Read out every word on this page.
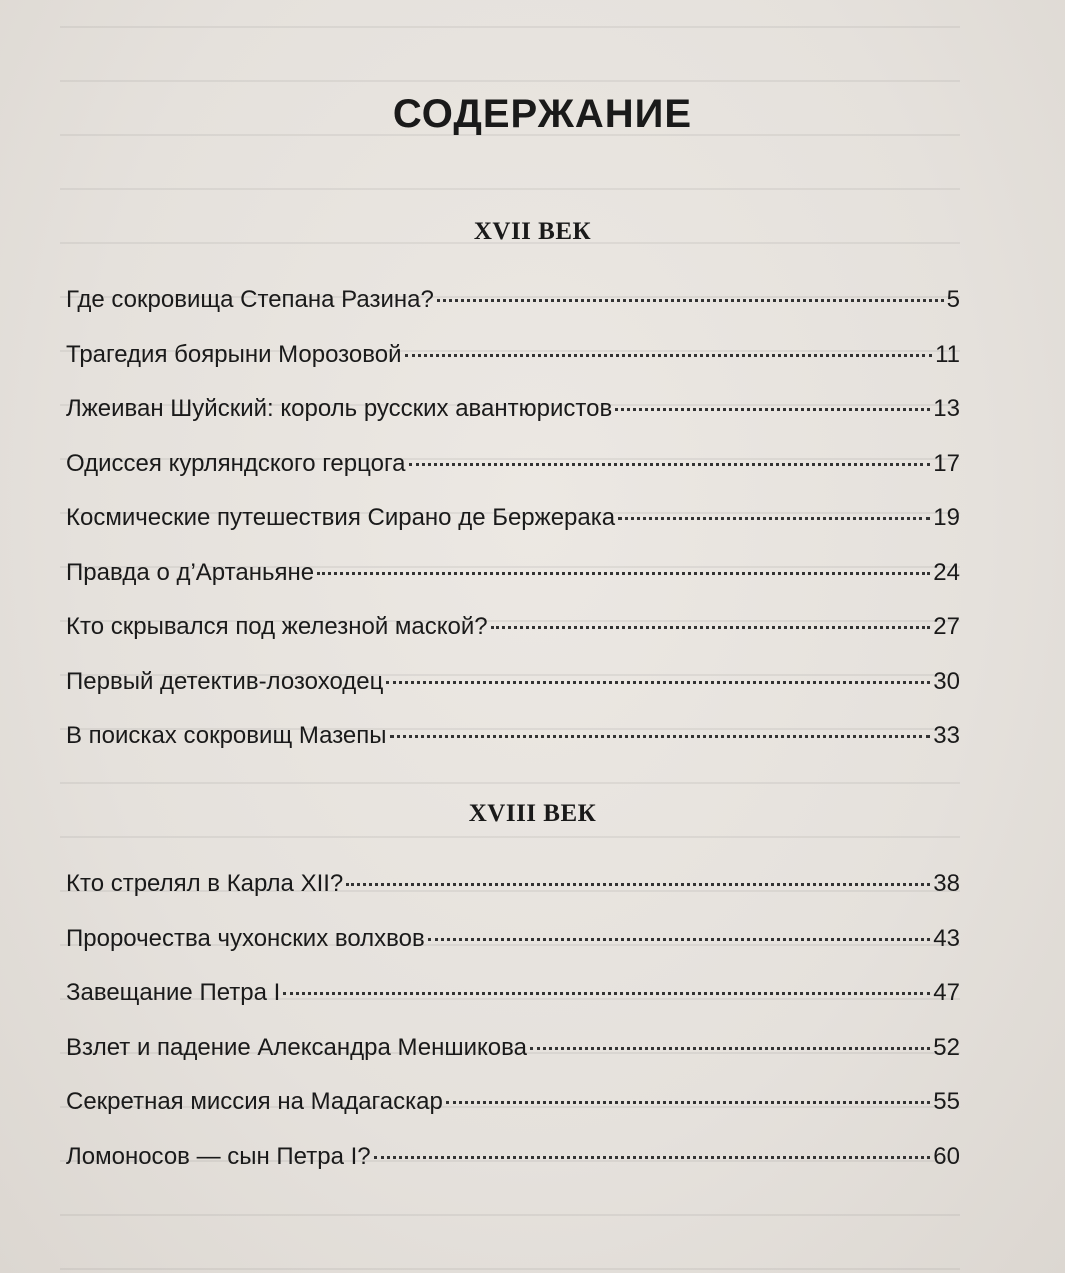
СОДЕРЖАНИЕ
XVII ВЕК
Где сокровища Степана Разина?	5
Трагедия боярыни Морозовой	11
Лжеиван Шуйский: король русских авантюристов	13
Одиссея курляндского герцога	17
Космические путешествия Сирано де Бержерака	19
Правда о д’Артаньяне	24
Кто скрывался под железной маской?	27
Первый детектив-лозоходец	30
В поисках сокровищ Мазепы	33
XVIII ВЕК
Кто стрелял в Карла XII?	38
Пророчества чухонских волхвов	43
Завещание Петра I	47
Взлет и падение Александра Меншикова	52
Секретная миссия на Мадагаскар	55
Ломоносов — сын Петра I?	60
